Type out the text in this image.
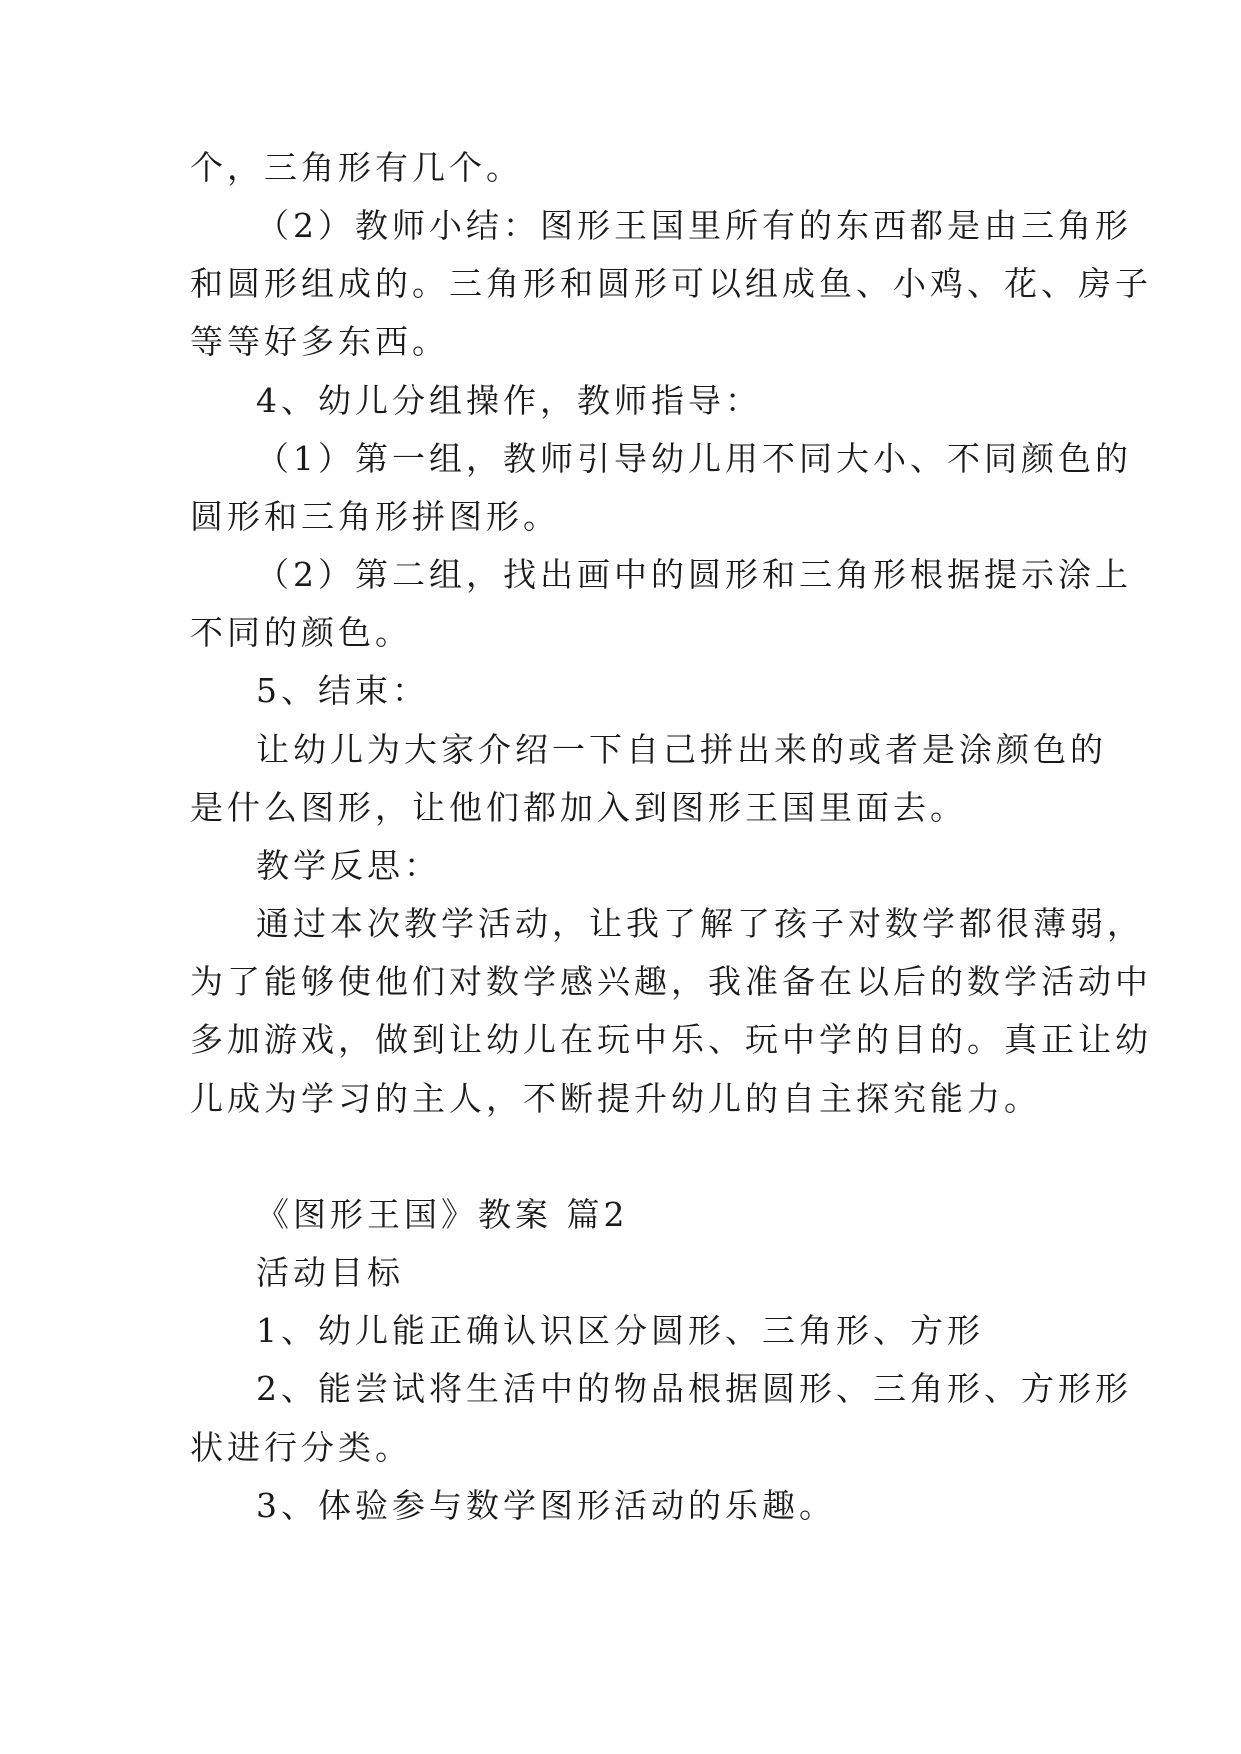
个，三角形有几个。
（2）教师小结：图形王国里所有的东西都是由三角形
和圆形组成的。三角形和圆形可以组成鱼、小鸡、花、房子
等等好多东西。
4、幼儿分组操作，教师指导：
（1）第一组，教师引导幼儿用不同大小、不同颜色的
圆形和三角形拼图形。
（2）第二组，找出画中的圆形和三角形根据提示涂上
不同的颜色。
5、结束：
让幼儿为大家介绍一下自己拼出来的或者是涂颜色的
是什么图形，让他们都加入到图形王国里面去。
教学反思：
通过本次教学活动，让我了解了孩子对数学都很薄弱，
为了能够使他们对数学感兴趣，我准备在以后的数学活动中
多加游戏，做到让幼儿在玩中乐、玩中学的目的。真正让幼
儿成为学习的主人，不断提升幼儿的自主探究能力。
《图形王国》教案 篇2
活动目标
1、幼儿能正确认识区分圆形、三角形、方形
2、能尝试将生活中的物品根据圆形、三角形、方形形
状进行分类。
3、体验参与数学图形活动的乐趣。
